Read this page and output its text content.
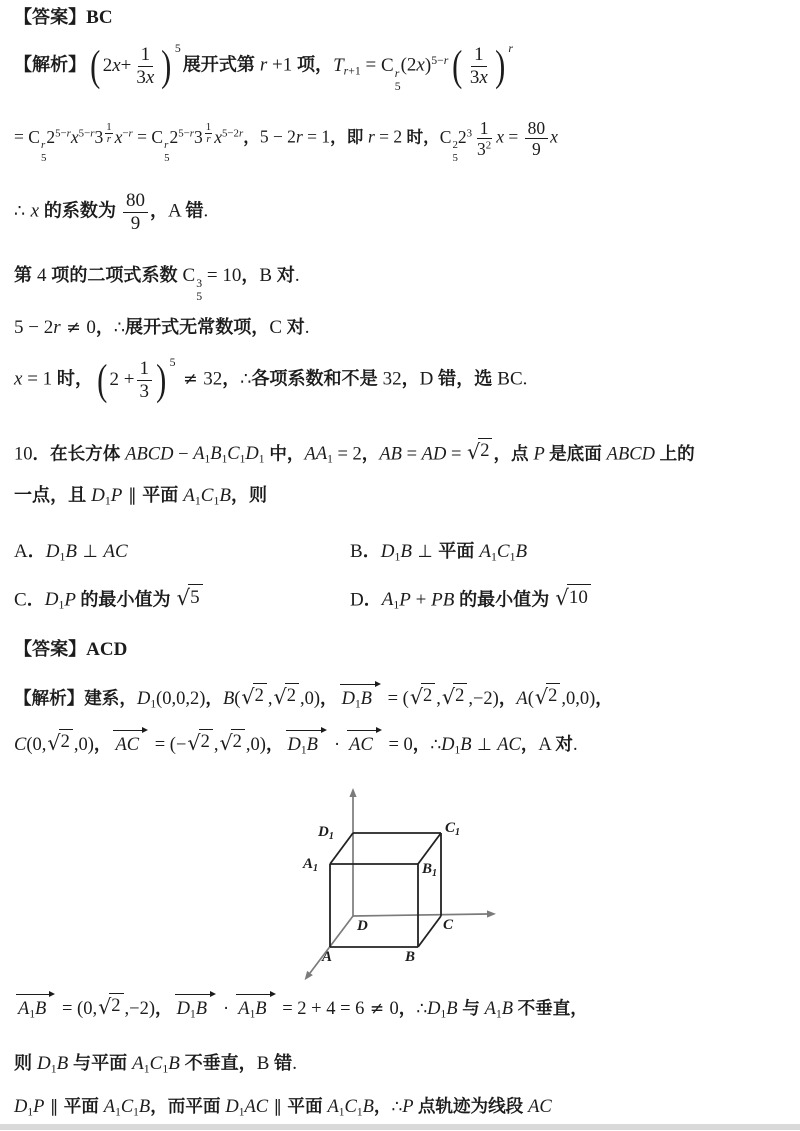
【答案】BC
【解析】 ( 2 $x + \frac{1}{3x}$ ) 5
展开式第 r +1 项，Tr+1 = C r
5
$(2x)^{5-r}$ ( 1
3x ) r
= C r
5
$2^{5-r}x^{5-r}3$ $^{\frac{1}{r}}$ $x^{-r} = C$ r
5
$2^{5-r}3$ $^{\frac{1}{r}}$ $x^{5-2r}$，5 − 2r = 1，即 r = 2 时，C 2
5
$2^3 \frac{1}{3^2}$ $x = \frac{80}{9}$ x
∴ x 的系数为 $\frac{80}{9}$ ，A 错.
第 4 项的二项式系数 C 3
5
= 10，B 对.
5 − 2r ≠ 0，∴展开式无常数项，C 对.
x = 1 时， ( $2 + \frac{1}{3}$ ) 5
≠ 32，∴各项系数和不是 32，D 错，选 BC.
10．在长方体 ABCD − A1B1C1D1 中，AA1 = 2，AB = AD = √ 2 ，点 P 是底面 ABCD 上的
一点，且 D1P ∥ 平面 A1C1B，则
A．D1B ⊥ AC	B．D1B ⊥ 平面 A1C1B
C．D1P 的最小值为 √ 5	D．A1P + PB 的最小值为 √ 10
【答案】ACD
【解析】建系，D1(0,0,2)，B( √ 2 , √ 2 ,0)， D1B = ( √ 2 , √ 2 ,−2)，A( √ 2 ,0,0)，
C(0, √ 2 ,0)， AC = (− √ 2 , √ 2 ,0)， D1B · AC = 0，∴D1B ⊥ AC，A 对.
$D_1$
$C_1$
$A_1$	$B_1$
D	C
A	B
A1B = (0, √ 2 ,−2)， D1B · A1B = 2 + 4 = 6 ≠ 0，∴D1B 与 A1B 不垂直，
则 D1B 与平面 A1C1B 不垂直，B 错.
D1P ∥ 平面 A1C1B，而平面 D1AC ∥ 平面 A1C1B，∴P 点轨迹为线段 AC
